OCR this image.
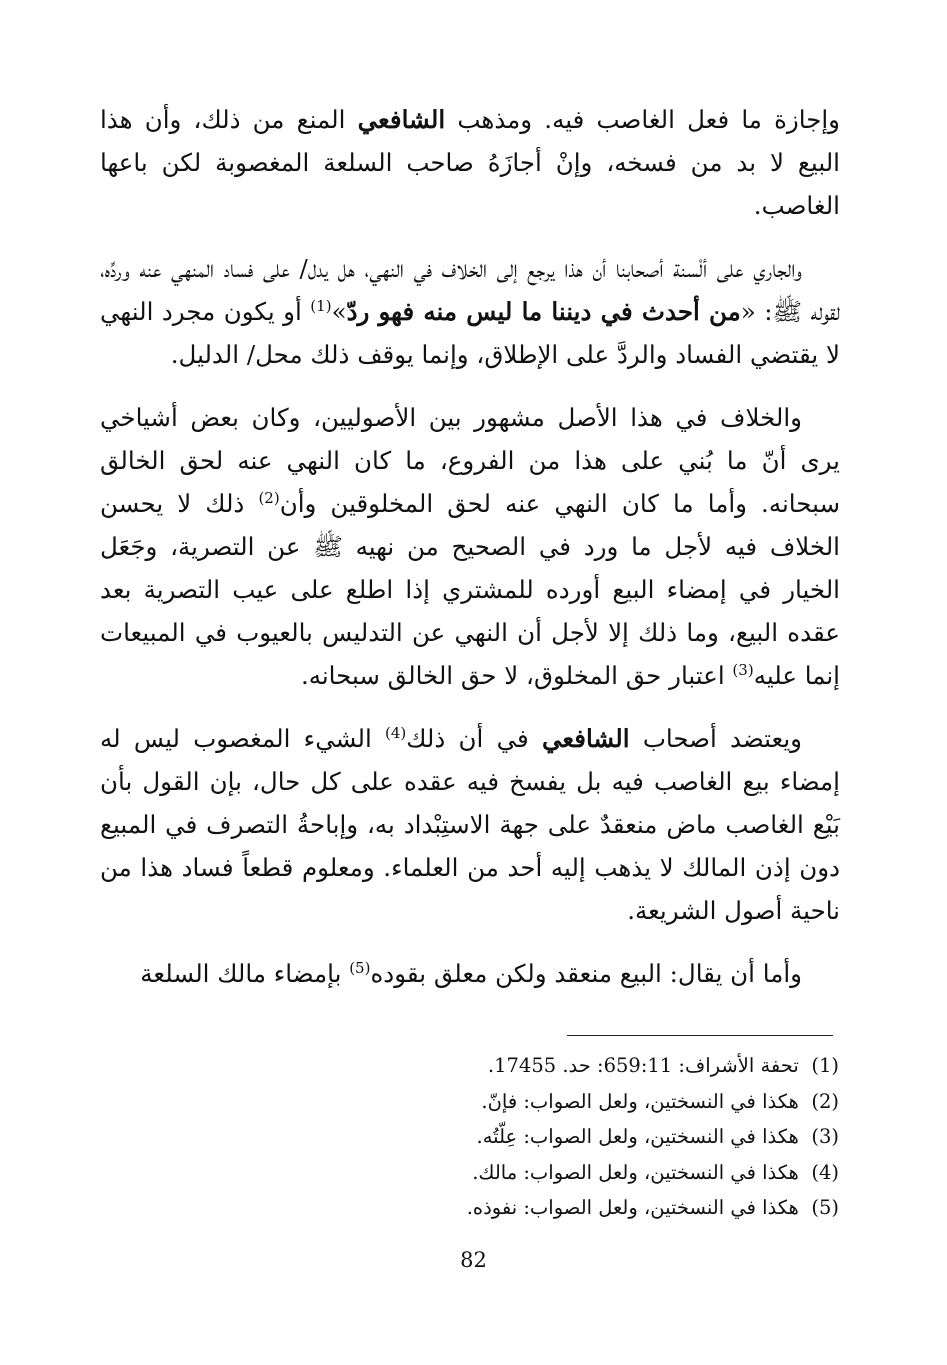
وإجازة ما فعل الغاصب فيه. ومذهب الشافعي المنع من ذلك، وأن هذا البيع لا بد من فسخه، وإنْ أجازَهُ صاحب السلعة المغصوبة لكن باعها الغاصب.

والجاري على ألْسنة أصحابنا أن هذا يرجع إلى الخلاف في النهي، هل يدل/ على فساد المنهي عنه وردِّه، لقوله ﷺ: «من أحدث في ديننا ما ليس منه فهو ردّ»$^{(1)}$ أو يكون مجرد النهي لا يقتضي الفساد والردَّ على الإطلاق، وإنما يوقف ذلك محل/ الدليل.

والخلاف في هذا الأصل مشهور بين الأصوليين، وكان بعض أشياخي يرى أنّ ما بُني على هذا من الفروع، ما كان النهي عنه لحق الخالق سبحانه. وأما ما كان النهي عنه لحق المخلوقين وأن$^{(2)}$ ذلك لا يحسن الخلاف فيه لأجل ما ورد في الصحيح من نهيه ﷺ عن التصرية، وجَعَل الخيار في إمضاء البيع أورده للمشتري إذا اطلع على عيب التصرية بعد عقده البيع، وما ذلك إلا لأجل أن النهي عن التدليس بالعيوب في المبيعات إنما عليه$^{(3)}$ اعتبار حق المخلوق، لا حق الخالق سبحانه.

ويعتضد أصحاب الشافعي في أن ذلك$^{(4)}$ الشيء المغصوب ليس له إمضاء بيع الغاصب فيه بل يفسخ فيه عقده على كل حال، بإن القول بأن بَيْع الغاصب ماض منعقدٌ على جهة الاستِبْداد به، وإباحةُ التصرف في المبيع دون إذن المالك لا يذهب إليه أحد من العلماء. ومعلوم قطعاً فساد هذا من ناحية أصول الشريعة.

وأما أن يقال: البيع منعقد ولكن معلق بقوده$^{(5)}$ بإمضاء مالك السلعة

(1) تحفة الأشراف: 659:11: حد. 17455.
(2) هكذا في النسختين، ولعل الصواب: فإنّ.
(3) هكذا في النسختين، ولعل الصواب: عِلّتُه.
(4) هكذا في النسختين، ولعل الصواب: مالك.
(5) هكذا في النسختين، ولعل الصواب: نفوذه.
82
